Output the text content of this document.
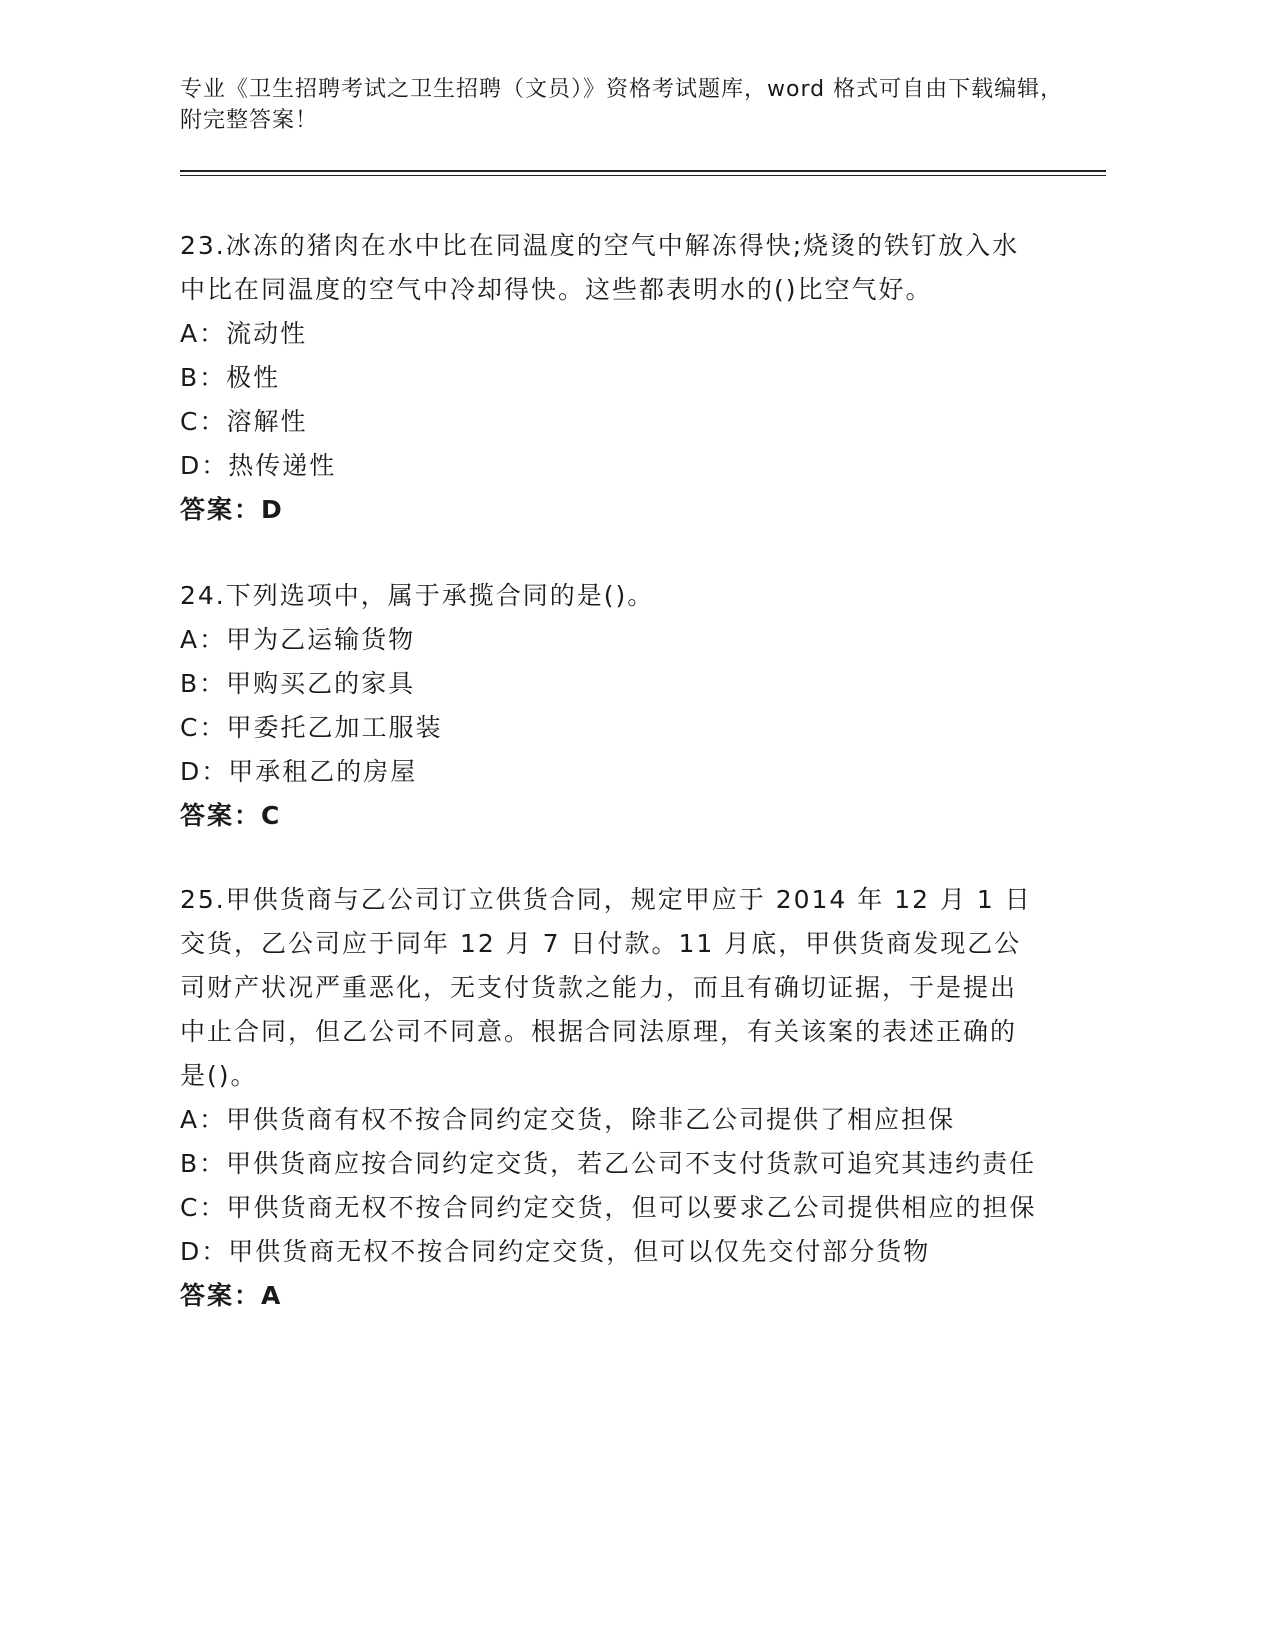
专业《卫生招聘考试之卫生招聘（文员）》资格考试题库，word 格式可自由下载编辑，附完整答案！

23.冰冻的猪肉在水中比在同温度的空气中解冻得快;烧烫的铁钉放入水中比在同温度的空气中冷却得快。这些都表明水的()比空气好。

A：流动性

B：极性

C：溶解性

D：热传递性

答案：D

24.下列选项中，属于承揽合同的是()。

A：甲为乙运输货物

B：甲购买乙的家具

C：甲委托乙加工服装

D：甲承租乙的房屋

答案：C

25.甲供货商与乙公司订立供货合同，规定甲应于 2014 年 12 月 1 日交货，乙公司应于同年 12 月 7 日付款。11 月底，甲供货商发现乙公司财产状况严重恶化，无支付货款之能力，而且有确切证据，于是提出中止合同，但乙公司不同意。根据合同法原理，有关该案的表述正确的是()。

A：甲供货商有权不按合同约定交货，除非乙公司提供了相应担保

B：甲供货商应按合同约定交货，若乙公司不支付货款可追究其违约责任

C：甲供货商无权不按合同约定交货，但可以要求乙公司提供相应的担保

D：甲供货商无权不按合同约定交货，但可以仅先交付部分货物

答案：A
